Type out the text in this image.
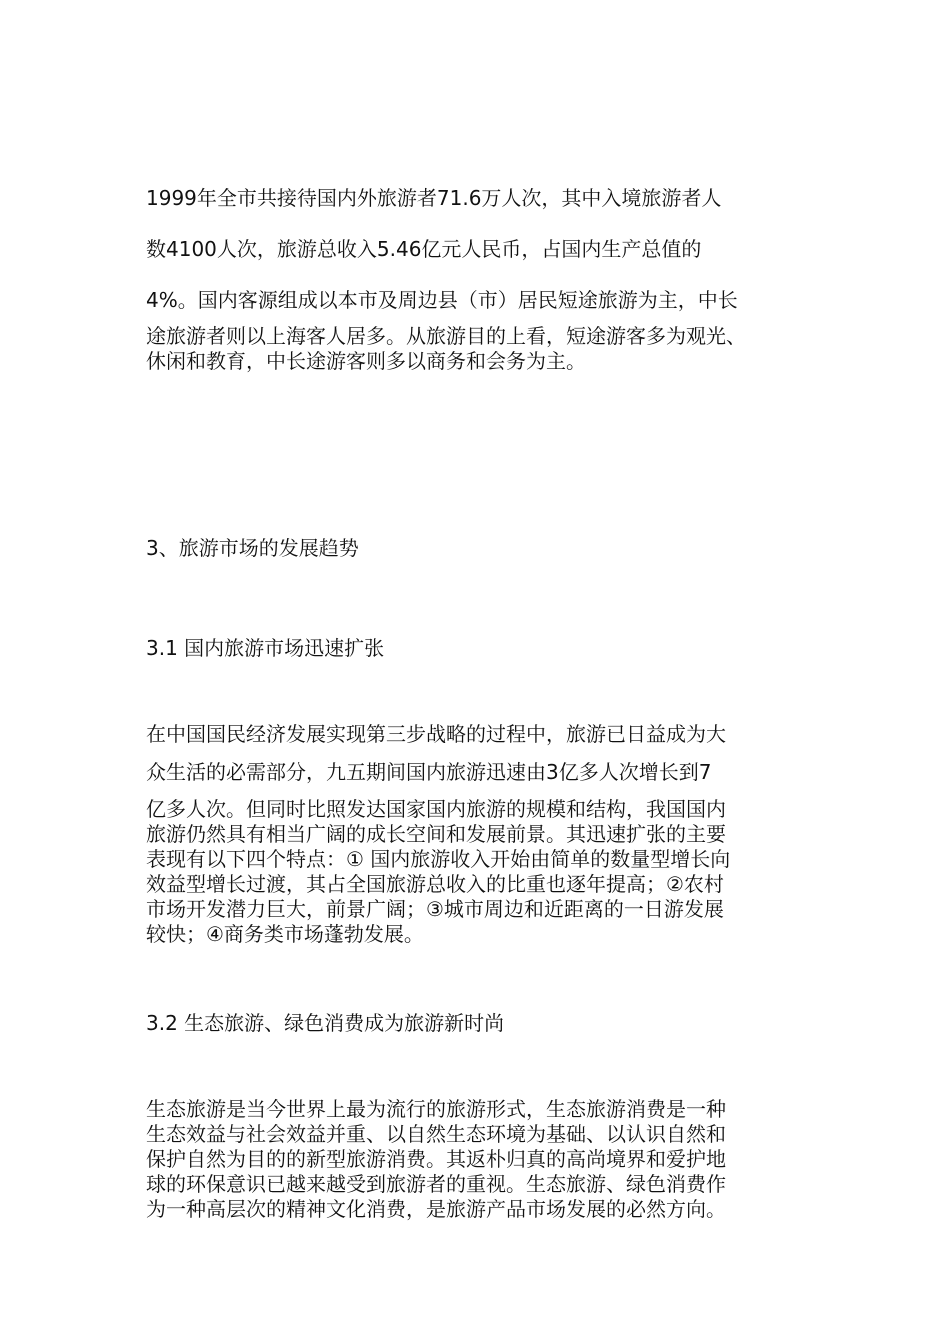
1999年全市共接待国内外旅游者71.6万人次，其中入境旅游者人

数4100人次，旅游总收入5.46亿元人民币，占国内生产总值的

4%。国内客源组成以本市及周边县（市）居民短途旅游为主，中长

途旅游者则以上海客人居多。从旅游目的上看，短途游客多为观光、

休闲和教育，中长途游客则多以商务和会务为主。

3、旅游市场的发展趋势
3.1 国内旅游市场迅速扩张

在中国国民经济发展实现第三步战略的过程中，旅游已日益成为大

众生活的必需部分，九五期间国内旅游迅速由3亿多人次增长到7

亿多人次。但同时比照发达国家国内旅游的规模和结构，我国国内

旅游仍然具有相当广阔的成长空间和发展前景。其迅速扩张的主要

表现有以下四个特点：① 国内旅游收入开始由简单的数量型增长向

效益型增长过渡，其占全国旅游总收入的比重也逐年提高；②农村

市场开发潜力巨大，前景广阔；③城市周边和近距离的一日游发展

较快；④商务类市场蓬勃发展。

3.2 生态旅游、绿色消费成为旅游新时尚

生态旅游是当今世界上最为流行的旅游形式，生态旅游消费是一种

生态效益与社会效益并重、以自然生态环境为基础、以认识自然和

保护自然为目的的新型旅游消费。其返朴归真的高尚境界和爱护地

球的环保意识已越来越受到旅游者的重视。生态旅游、绿色消费作

为一种高层次的精神文化消费，是旅游产品市场发展的必然方向。
